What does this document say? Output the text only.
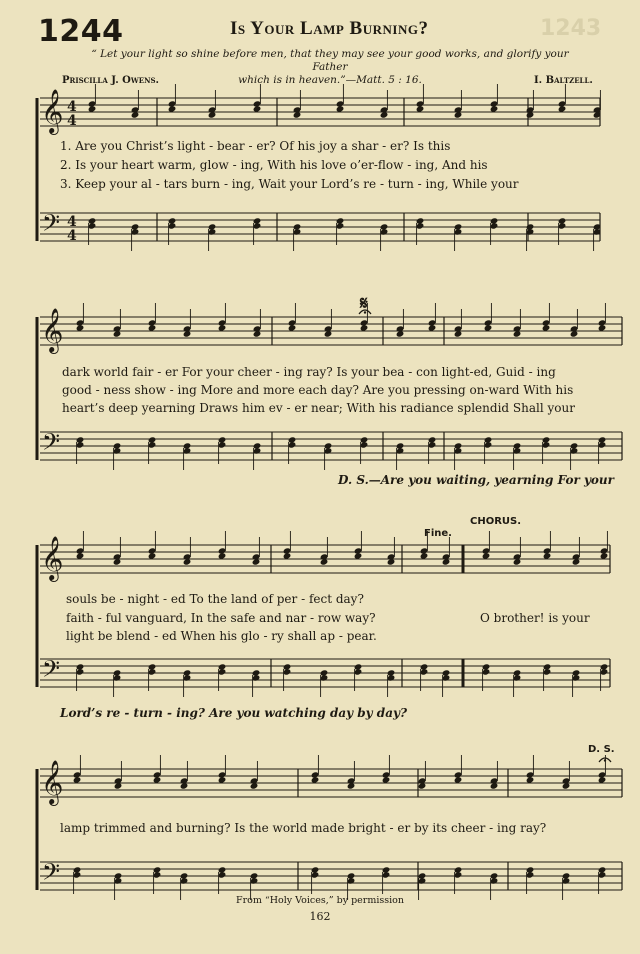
𝄞
𝄢
4
4
4
4
𝄞
𝄢
𝄞
𝄢
𝄞
𝄢
1244	Is Your Lamp Burning?	1243
“ Let your light so shine before men, that they may see your good works, and glorify your Father
which is in heaven.”—Matt. 5 : 16.
Priscilla J. Owens.	I. Baltzell.
1. Are you Christ’s light - bear - er? Of his joy a shar - er? Is this
2. Is your heart warm, glow - ing, With his love o’er-flow - ing, And his
3. Keep your al - tars burn - ing, Wait your Lord’s re - turn - ing, While your
dark world fair - er For your cheer - ing ray? Is your bea - con light-ed, Guid - ing
good - ness show - ing More and more each day? Are you pressing on-ward With his
heart’s deep yearning Draws him ev - er near; With his radiance splendid Shall your
D. S.—Are you waiting, yearning For your
𝄋
souls be - night - ed To the land of per - fect day?
faith - ful vanguard, In the safe and nar - row way?
light be blend - ed When his glo - ry shall ap - pear.
O brother! is your
Fine.
CHORUS.
Lord’s re - turn - ing? Are you watching day by day?
lamp trimmed and burning? Is the world made bright - er by its cheer - ing ray?
D. S.
From “Holy Voices,” by permission
162
